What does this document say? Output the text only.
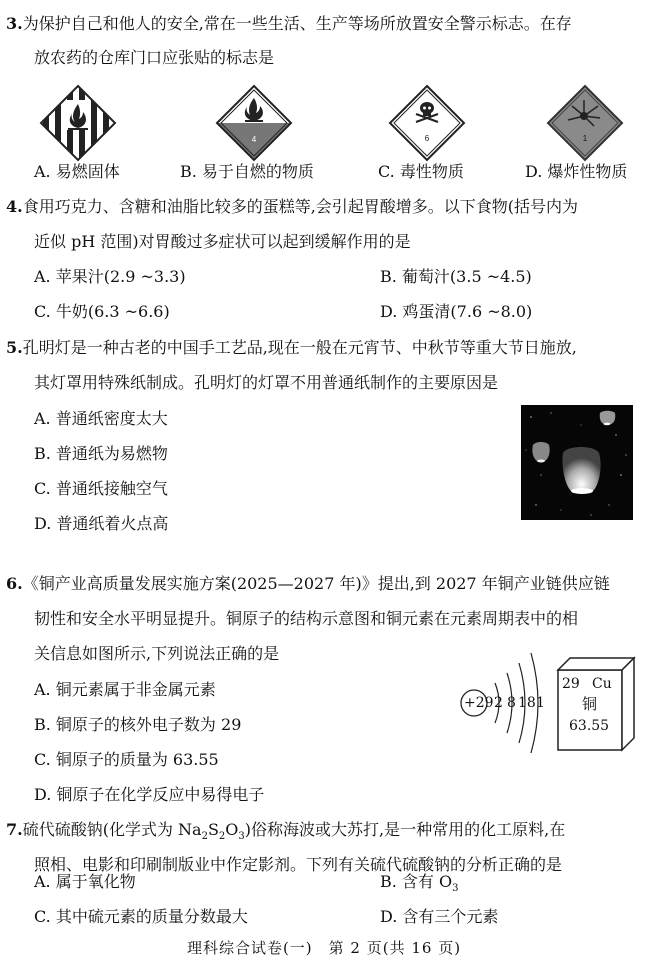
3.为保护自己和他人的安全,常在一些生活、生产等场所放置安全警示标志。在存
放农药的仓库门口应张贴的标志是
4	6	1
A. 易燃固体	B. 易于自燃的物质	C. 毒性物质	D. 爆炸性物质
4.食用巧克力、含糖和油脂比较多的蛋糕等,会引起胃酸增多。以下食物(括号内为
近似 pH 范围)对胃酸过多症状可以起到缓解作用的是
A. 苹果汁(2.9 ~3.3)	B. 葡萄汁(3.5 ~4.5)
C. 牛奶(6.3 ~6.6)	D. 鸡蛋清(7.6 ~8.0)
5.孔明灯是一种古老的中国手工艺品,现在一般在元宵节、中秋节等重大节日施放,
其灯罩用特殊纸制成。孔明灯的灯罩不用普通纸制作的主要原因是
A. 普通纸密度太大
B. 普通纸为易燃物
C. 普通纸接触空气
D. 普通纸着火点高
6.《铜产业高质量发展实施方案(2025—2027 年)》提出,到 2027 年铜产业链供应链
韧性和安全水平明显提升。铜原子的结构示意图和铜元素在元素周期表中的相
关信息如图所示,下列说法正确的是
A. 铜元素属于非金属元素
B. 铜原子的核外电子数为 29
C. 铜原子的质量为 63.55
D. 铜原子在化学反应中易得电子
+29 2 8 18 1
29 Cu
铜
63.55
7.硫代硫酸钠(化学式为 $Na_2S_2O_3$)俗称海波或大苏打,是一种常用的化工原料,在
照相、电影和印刷制版业中作定影剂。下列有关硫代硫酸钠的分析正确的是
A. 属于氧化物	B. 含有 $O_3$
C. 其中硫元素的质量分数最大	D. 含有三个元素
理科综合试卷(一)　第 2 页(共 16 页)
